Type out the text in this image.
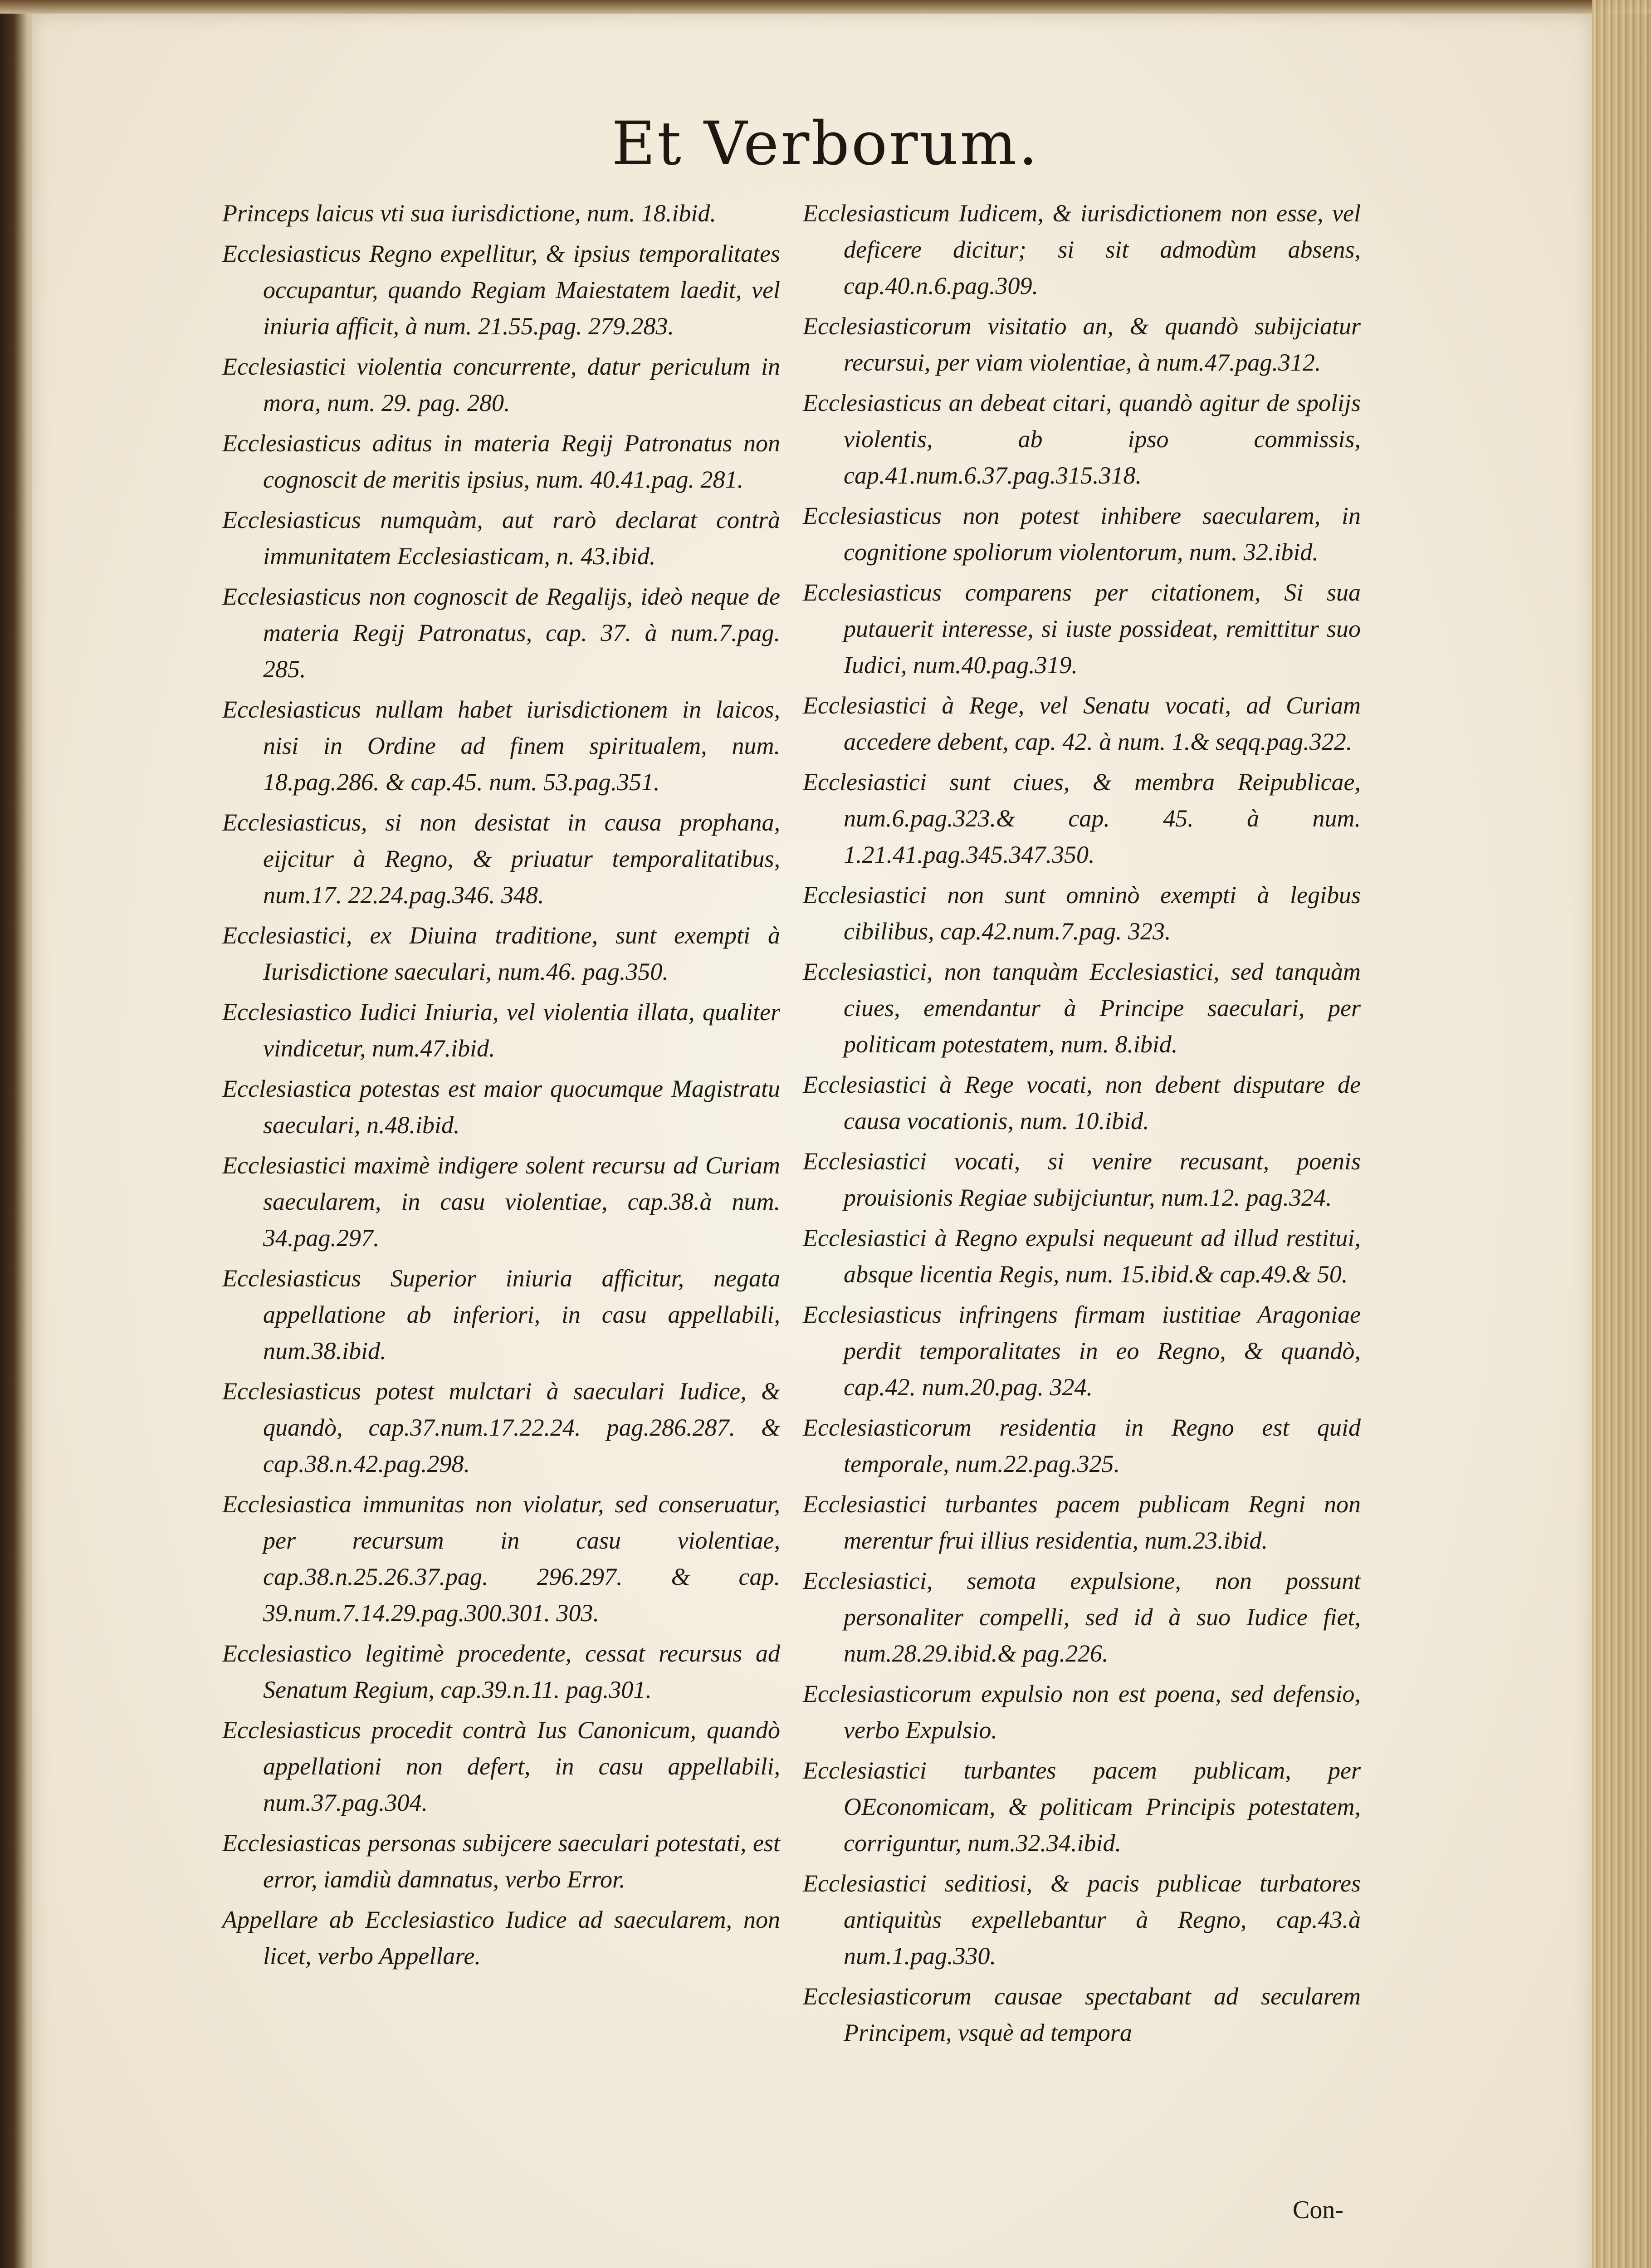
Et Verborum.

Princeps laicus vti sua iurisdictione, num. 18.ibid.

Ecclesiasticus Regno expellitur, & ipsius temporalitates occupantur, quando Regiam Maiestatem laedit, vel iniuria afficit, à num. 21.55.pag. 279.283.

Ecclesiastici violentia concurrente, datur periculum in mora, num. 29. pag. 280.

Ecclesiasticus aditus in materia Regij Patronatus non cognoscit de meritis ipsius, num. 40.41.pag. 281.

Ecclesiasticus numquàm, aut rarò declarat contrà immunitatem Ecclesiasticam, n. 43.ibid.

Ecclesiasticus non cognoscit de Regalijs, ideò neque de materia Regij Patronatus, cap. 37. à num.7.pag. 285.

Ecclesiasticus nullam habet iurisdictionem in laicos, nisi in Ordine ad finem spiritualem, num. 18.pag.286. & cap.45. num. 53.pag.351.

Ecclesiasticus, si non desistat in causa prophana, eijcitur à Regno, & priuatur temporalitatibus, num.17. 22.24.pag.346. 348.

Ecclesiastici, ex Diuina traditione, sunt exempti à Iurisdictione saeculari, num.46. pag.350.

Ecclesiastico Iudici Iniuria, vel violentia illata, qualiter vindicetur, num.47.ibid.

Ecclesiastica potestas est maior quocumque Magistratu saeculari, n.48.ibid.

Ecclesiastici maximè indigere solent recursu ad Curiam saecularem, in casu violentiae, cap.38.à num. 34.pag.297.

Ecclesiasticus Superior iniuria afficitur, negata appellatione ab inferiori, in casu appellabili, num.38.ibid.

Ecclesiasticus potest mulctari à saeculari Iudice, & quandò, cap.37.num.17.22.24. pag.286.287. & cap.38.n.42.pag.298.

Ecclesiastica immunitas non violatur, sed conseruatur, per recursum in casu violentiae, cap.38.n.25.26.37.pag. 296.297. & cap. 39.num.7.14.29.pag.300.301. 303.

Ecclesiastico legitimè procedente, cessat recursus ad Senatum Regium, cap.39.n.11. pag.301.

Ecclesiasticus procedit contrà Ius Canonicum, quandò appellationi non defert, in casu appellabili, num.37.pag.304.

Ecclesiasticas personas subijcere saeculari potestati, est error, iamdiù damnatus, verbo Error.

Appellare ab Ecclesiastico Iudice ad saecularem, non licet, verbo Appellare.

Ecclesiasticum Iudicem, & iurisdictionem non esse, vel deficere dicitur; si sit admodùm absens, cap.40.n.6.pag.309.

Ecclesiasticorum visitatio an, & quandò subijciatur recursui, per viam violentiae, à num.47.pag.312.

Ecclesiasticus an debeat citari, quandò agitur de spolijs violentis, ab ipso commissis, cap.41.num.6.37.pag.315.318.

Ecclesiasticus non potest inhibere saecularem, in cognitione spoliorum violentorum, num. 32.ibid.

Ecclesiasticus comparens per citationem, Si sua putauerit interesse, si iuste possideat, remittitur suo Iudici, num.40.pag.319.

Ecclesiastici à Rege, vel Senatu vocati, ad Curiam accedere debent, cap. 42. à num. 1.& seqq.pag.322.

Ecclesiastici sunt ciues, & membra Reipublicae, num.6.pag.323.& cap. 45. à num. 1.21.41.pag.345.347.350.

Ecclesiastici non sunt omninò exempti à legibus cibilibus, cap.42.num.7.pag. 323.

Ecclesiastici, non tanquàm Ecclesiastici, sed tanquàm ciues, emendantur à Principe saeculari, per politicam potestatem, num. 8.ibid.

Ecclesiastici à Rege vocati, non debent disputare de causa vocationis, num. 10.ibid.

Ecclesiastici vocati, si venire recusant, poenis prouisionis Regiae subijciuntur, num.12. pag.324.

Ecclesiastici à Regno expulsi nequeunt ad illud restitui, absque licentia Regis, num. 15.ibid.& cap.49.& 50.

Ecclesiasticus infringens firmam iustitiae Aragoniae perdit temporalitates in eo Regno, & quandò, cap.42. num.20.pag. 324.

Ecclesiasticorum residentia in Regno est quid temporale, num.22.pag.325.

Ecclesiastici turbantes pacem publicam Regni non merentur frui illius residentia, num.23.ibid.

Ecclesiastici, semota expulsione, non possunt personaliter compelli, sed id à suo Iudice fiet, num.28.29.ibid.& pag.226.

Ecclesiasticorum expulsio non est poena, sed defensio, verbo Expulsio.

Ecclesiastici turbantes pacem publicam, per OEconomicam, & politicam Principis potestatem, corriguntur, num.32.34.ibid.

Ecclesiastici seditiosi, & pacis publicae turbatores antiquitùs expellebantur à Regno, cap.43.à num.1.pag.330.

Ecclesiasticorum causae spectabant ad secularem Principem, vsquè ad tempora

Con-
